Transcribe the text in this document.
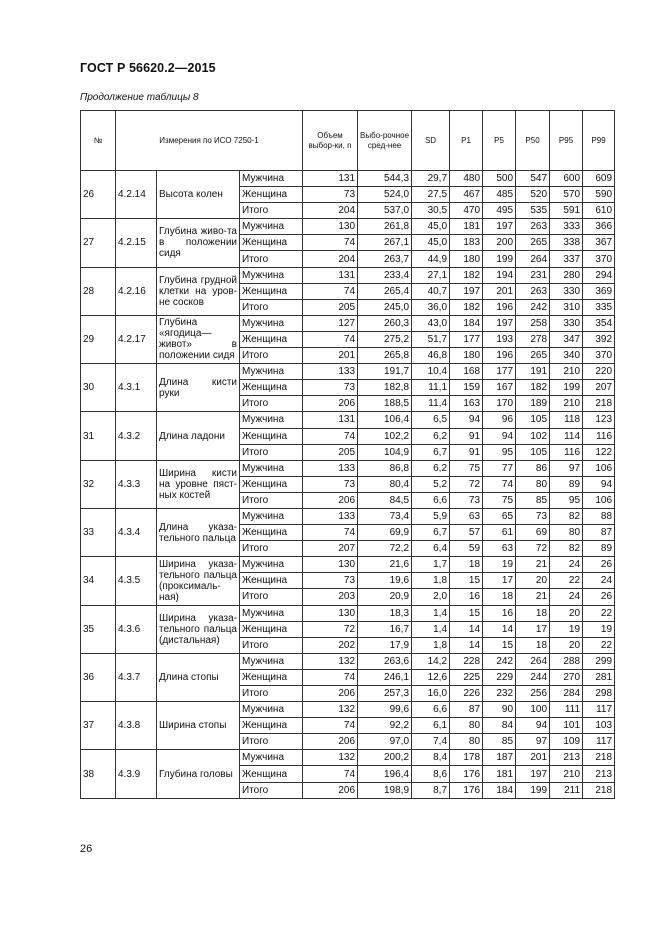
ГОСТ Р 56620.2—2015
Продолжение таблицы 8
№	Измерения по ИСО 7250-1			Объем выбор-ки, n	Выбо-рочное сред-нее	SD	P1	P5	P50	P95	P99
26	4.2.14	Высота колен	Мужчина	131	544,3	29,7	480	500	547	600	609
			Женщина	73	524,0	27,5	467	485	520	570	590
			Итого	204	537,0	30,5	470	495	535	591	610
27	4.2.15	Глубина живо-та в положении сидя	Мужчина	130	261,8	45,0	181	197	263	333	366
			Женщина	74	267,1	45,0	183	200	265	338	367
			Итого	204	263,7	44,9	180	199	264	337	370
28	4.2.16	Глубина грудной клетки на уров-не сосков	Мужчина	131	233,4	27,1	182	194	231	280	294
			Женщина	74	265,4	40,7	197	201	263	330	369
			Итого	205	245,0	36,0	182	196	242	310	335
29	4.2.17	Глубина «ягодица—живот» в положении сидя	Мужчина	127	260,3	43,0	184	197	258	330	354
			Женщина	74	275,2	51,7	177	193	278	347	392
			Итого	201	265,8	46,8	180	196	265	340	370
30	4.3.1	Длина кисти руки	Мужчина	133	191,7	10,4	168	177	191	210	220
			Женщина	73	182,8	11,1	159	167	182	199	207
			Итого	206	188,5	11,4	163	170	189	210	218
31	4.3.2	Длина ладони	Мужчина	131	106,4	6,5	94	96	105	118	123
			Женщина	74	102,2	6,2	91	94	102	114	116
			Итого	205	104,9	6,7	91	95	105	116	122
32	4.3.3	Ширина кисти на уровне пяст-ных костей	Мужчина	133	86,8	6,2	75	77	86	97	106
			Женщина	73	80,4	5,2	72	74	80	89	94
			Итого	206	84,5	6,6	73	75	85	95	106
33	4.3.4	Длина указа-тельного пальца	Мужчина	133	73,4	5,9	63	65	73	82	88
			Женщина	74	69,9	6,7	57	61	69	80	87
			Итого	207	72,2	6,4	59	63	72	82	89
34	4.3.5	Ширина указа-тельного пальца (проксималь-ная)	Мужчина	130	21,6	1,7	18	19	21	24	26
			Женщина	73	19,6	1,8	15	17	20	22	24
			Итого	203	20,9	2,0	16	18	21	24	26
35	4.3.6	Ширина указа-тельного пальца (дистальная)	Мужчина	130	18,3	1,4	15	16	18	20	22
			Женщина	72	16,7	1,4	14	14	17	19	19
			Итого	202	17,9	1,8	14	15	18	20	22
36	4.3.7	Длина стопы	Мужчина	132	263,6	14,2	228	242	264	288	299
			Женщина	74	246,1	12,6	225	229	244	270	281
			Итого	206	257,3	16,0	226	232	256	284	298
37	4.3.8	Ширина стопы	Мужчина	132	99,6	6,6	87	90	100	111	117
			Женщина	74	92,2	6,1	80	84	94	101	103
			Итого	206	97,0	7,4	80	85	97	109	117
38	4.3.9	Глубина головы	Мужчина	132	200,2	8,4	178	187	201	213	218
			Женщина	74	196,4	8,6	176	181	197	210	213
			Итого	206	198,9	8,7	176	184	199	211	218
26
